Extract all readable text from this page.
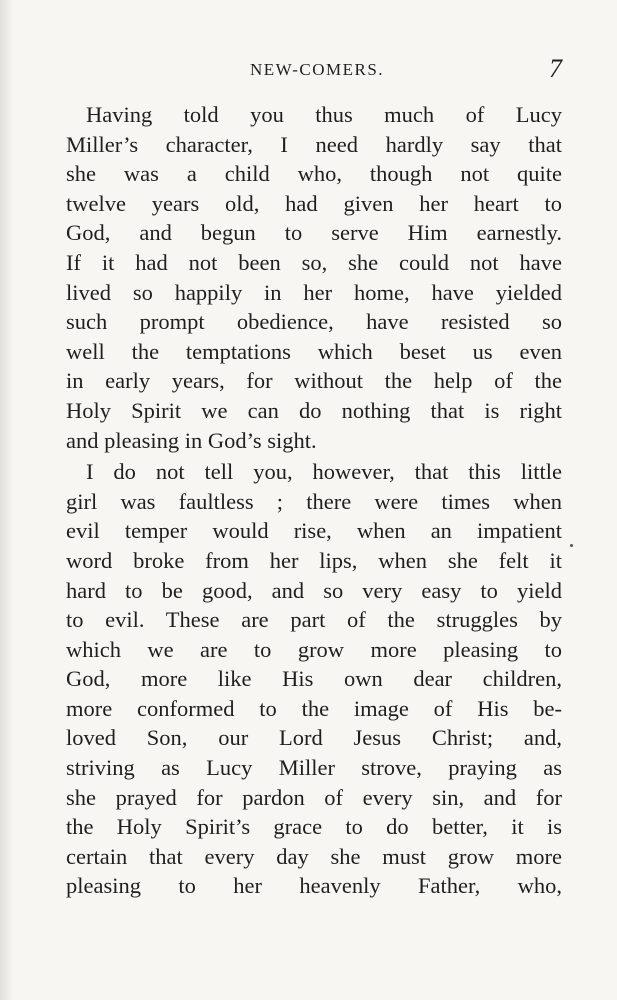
NEW-COMERS.	7
Having told you thus much of Lucy
Miller’s character, I need hardly say that
she was a child who, though not quite
twelve years old, had given her heart to
God, and begun to serve Him earnestly.
If it had not been so, she could not have
lived so happily in her home, have yielded
such prompt obedience, have resisted so
well the temptations which beset us even
in early years, for without the help of the
Holy Spirit we can do nothing that is right
and pleasing in God’s sight.
I do not tell you, however, that this little
girl was faultless ; there were times when
evil temper would rise, when an impatient
word broke from her lips, when she felt it
hard to be good, and so very easy to yield
to evil. These are part of the struggles by
which we are to grow more pleasing to
God, more like His own dear children,
more conformed to the image of His be-
loved Son, our Lord Jesus Christ; and,
striving as Lucy Miller strove, praying as
she prayed for pardon of every sin, and for
the Holy Spirit’s grace to do better, it is
certain that every day she must grow more
pleasing to her heavenly Father, who,
